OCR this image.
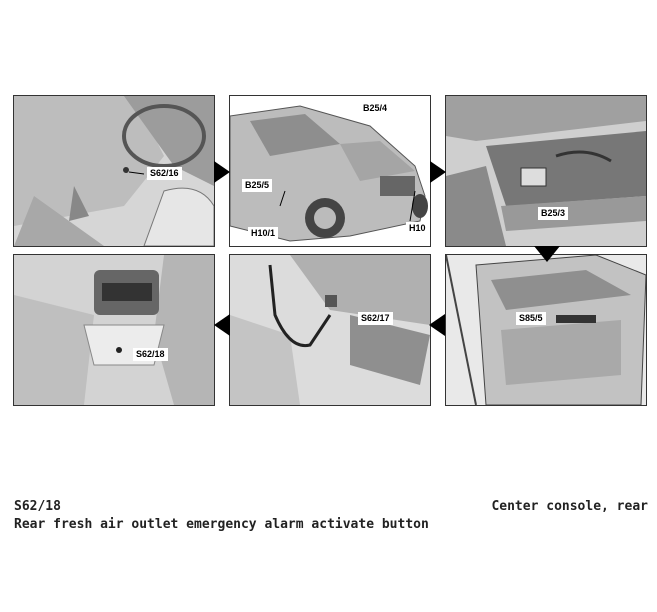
S62/16
B25/4
B25/5
H10/1	H10
B25/3
S62/18
S62/17	S85/5
S62/18
Rear fresh air outlet emergency alarm activate button
Center console, rear
